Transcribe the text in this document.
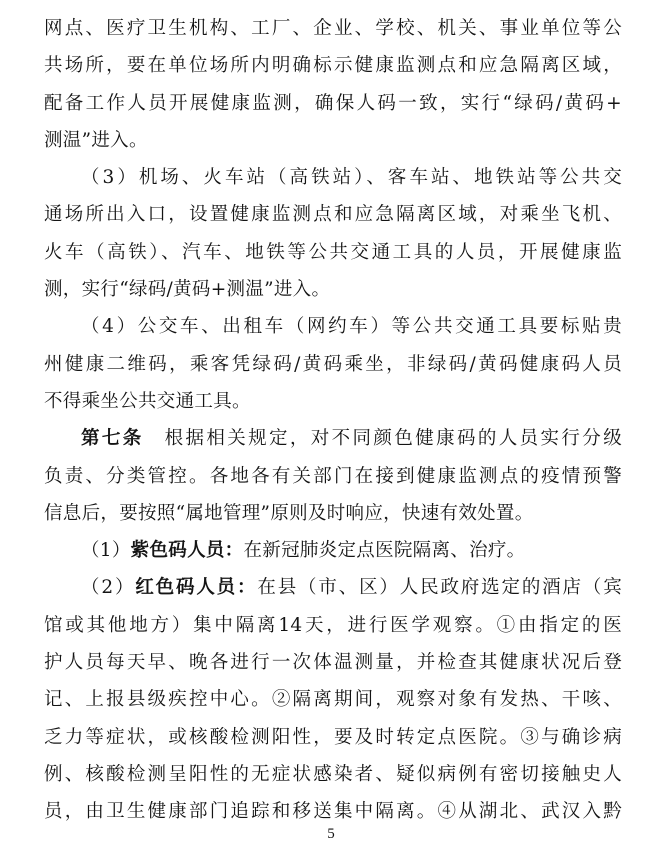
网点、医疗卫生机构、工厂、企业、学校、机关、事业单位等公
共场所，要在单位场所内明确标示健康监测点和应急隔离区域，
配备工作人员开展健康监测，确保人码一致，实行“绿码/黄码+
测温”进入。
（3）机场、火车站（高铁站）、客车站、地铁站等公共交
通场所出入口，设置健康监测点和应急隔离区域，对乘坐飞机、
火车（高铁）、汽车、地铁等公共交通工具的人员，开展健康监
测，实行“绿码/黄码+测温”进入。
（4）公交车、出租车（网约车）等公共交通工具要标贴贵
州健康二维码，乘客凭绿码/黄码乘坐，非绿码/黄码健康码人员
不得乘坐公共交通工具。
第七条　 根据相关规定，对不同颜色健康码的人员实行分级
负责、分类管控。各地各有关部门在接到健康监测点的疫情预警
信息后，要按照“属地管理”原则及时响应，快速有效处置。
（1）紫色码人员：在新冠肺炎定点医院隔离、治疗。
（2）红色码人员：在县（市、区）人民政府选定的酒店（宾
馆或其他地方）集中隔离14天，进行医学观察。①由指定的医
护人员每天早、晚各进行一次体温测量，并检查其健康状况后登
记、上报县级疾控中心。②隔离期间，观察对象有发热、干咳、
乏力等症状，或核酸检测阳性，要及时转定点医院。③与确诊病
例、核酸检测呈阳性的无症状感染者、疑似病例有密切接触史人
员，由卫生健康部门追踪和移送集中隔离。④从湖北、武汉入黔
5
